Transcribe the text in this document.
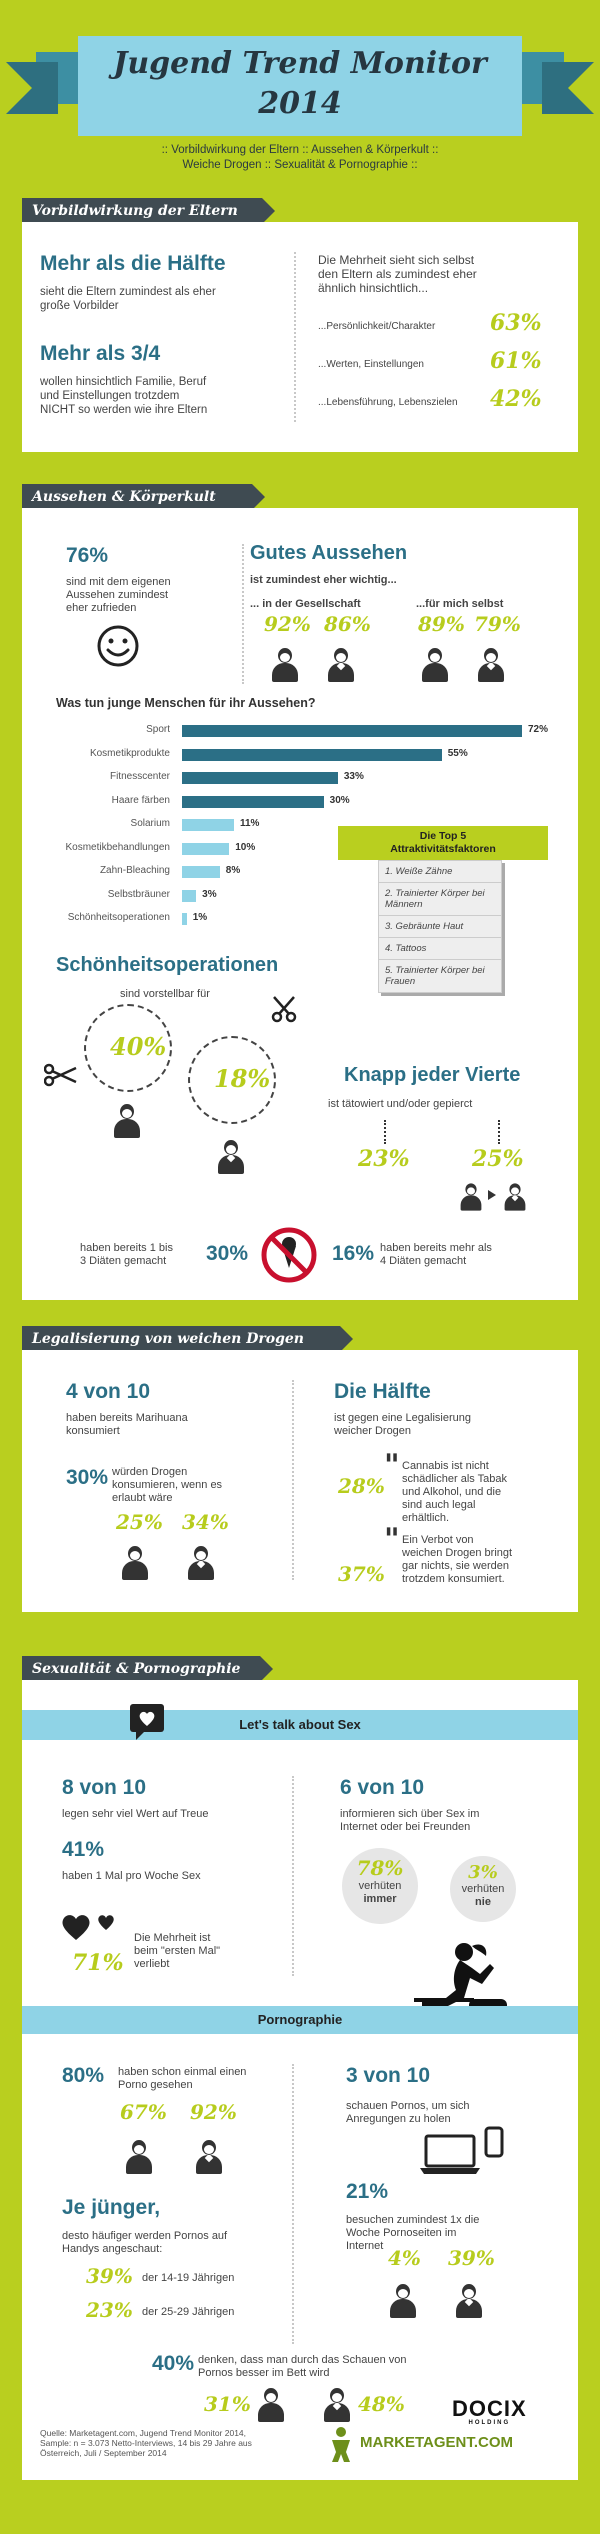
Jugend Trend Monitor
2014
:: Vorbildwirkung der Eltern :: Aussehen & Körperkult ::
Weiche Drogen :: Sexualität & Pornographie ::
Vorbildwirkung der Eltern
Mehr als die Hälfte
sieht die Eltern zumindest als eher
große Vorbilder
Mehr als 3/4
wollen hinsichtlich Familie, Beruf
und Einstellungen trotzdem
NICHT so werden wie ihre Eltern
Die Mehrheit sieht sich selbst
den Eltern als zumindest eher
ähnlich hinsichtlich...
...Persönlichkeit/Charakter 63%
...Werten, Einstellungen	61%
...Lebensführung, Lebenszielen 42%
Aussehen & Körperkult
76%
sind mit dem eigenen
Aussehen zumindest
eher zufrieden
Gutes Aussehen
ist zumindest eher wichtig...
... in der Gesellschaft	...für mich selbst
92% 86% 89% 79%
Was tun junge Menschen für ihr Aussehen?
Sport	72%
Kosmetikprodukte	55%
Fitnesscenter	33%
Haare färben	30%
Solarium	11%
Kosmetikbehandlungen	10%
Zahn-Bleaching	8%
Selbstbräuner	3%
Schönheitsoperationen 1%
Die Top 5
Attraktivitätsfaktoren
1. Weiße Zähne
2. Trainierter Körper bei Männern
3. Gebräunte Haut
4. Tattoos
5. Trainierter Körper bei Frauen
Schönheitsoperationen
sind vorstellbar für
40%
18%	Knapp jeder Vierte
ist tätowiert und/oder gepierct
23%	25%
haben bereits 1 bis
3 Diäten gemacht 30%	16% haben bereits mehr als
4 Diäten gemacht
Legalisierung von weichen Drogen
4 von 10
haben bereits Marihuana
konsumiert
30% würden Drogen
konsumieren, wenn es
erlaubt wäre
25% 34%
Die Hälfte
ist gegen eine Legalisierung
weicher Drogen
28%
" Cannabis ist nicht
schädlicher als Tabak
und Alkohol, und die
sind auch legal
erhältlich.
37%
" Ein Verbot von
weichen Drogen bringt
gar nichts, sie werden
trotzdem konsumiert.
Sexualität & Pornographie
Let's talk about Sex
8 von 10
legen sehr viel Wert auf Treue
41%
haben 1 Mal pro Woche Sex
71%
Die Mehrheit ist
beim "ersten Mal"
verliebt
6 von 10
informieren sich über Sex im
Internet oder bei Freunden
78%
verhüten
immer
3%
verhüten
nie
Pornographie
80% haben schon einmal einen
Porno gesehen
67% 92%
Je jünger,
desto häufiger werden Pornos auf
Handys angeschaut:
39% der 14-19 Jährigen
23% der 25-29 Jährigen
3 von 10
schauen Pornos, um sich
Anregungen zu holen
21%
besuchen zumindest 1x die
Woche Pornoseiten im
Internet 4% 39%
40% denken, dass man durch das Schauen von
Pornos besser im Bett wird
31%	48%
Quelle: Marketagent.com, Jugend Trend Monitor 2014,
Sample: n = 3.073 Netto-Interviews, 14 bis 29 Jahre aus
Österreich, Juli / September 2014
DOCIX
HOLDING
MARKETAGENT.COM
